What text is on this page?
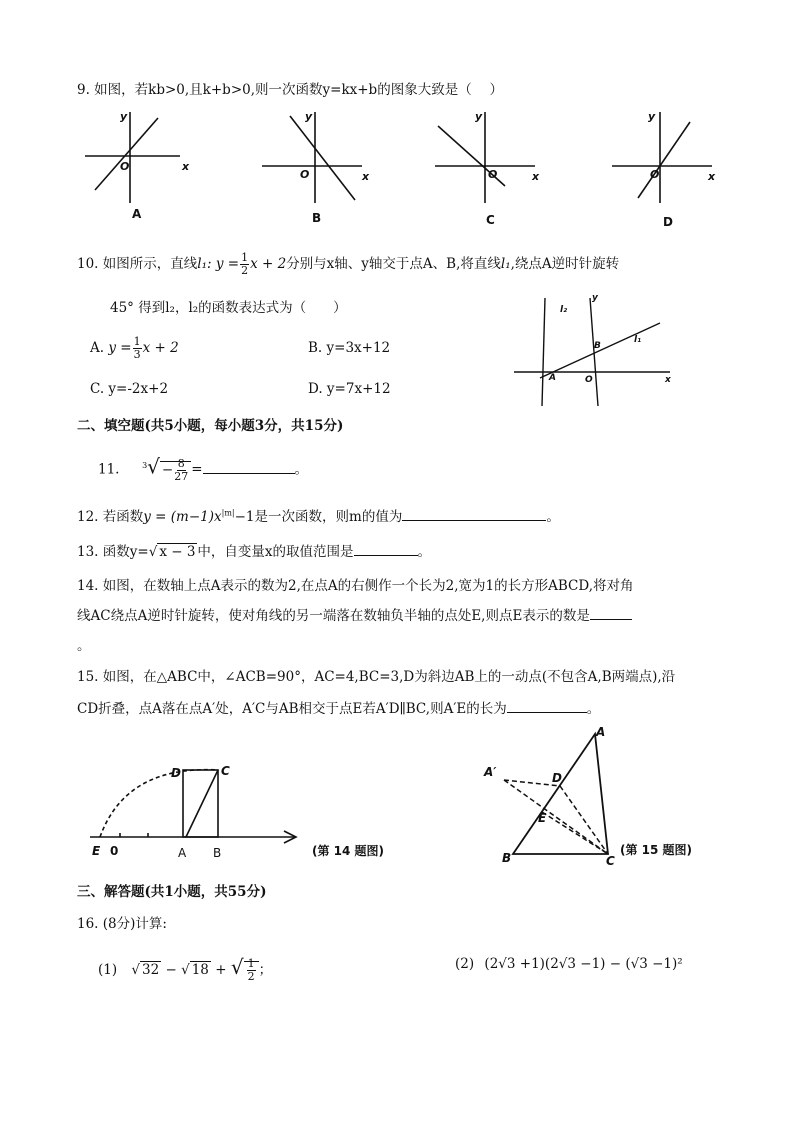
9. 如图，若kb>0,且k+b>0,则一次函数y=kx+b的图象大致是（　 ）
y
x
O
y
x
O
y
x
O
y
x
O
A	B	C	D
10. 如图所示，直线l₁: $y = \frac{1}{2}$ x + 2分别与x轴、y轴交于点A、B,将直线l₁,绕点A逆时针旋转
45° 得到l₂，l₂的函数表达式为（　　）
A. $y = \frac{1}{3}$ x + 2	B. y=3x+12
C. y=-2x+2	D. y=7x+12
l₂
l₁
y
x
B
A	O
二、填空题(共5小题，每小题3分，共15分)
11.	$^3√ - \frac{8}{27}$ =	。
12. 若函数$y = (m-1)x^{|m|}-1$是一次函数，则m的值为	。
13. 函数y=√ x − 3 中，自变量x的取值范围是	。
14. 如图，在数轴上点A表示的数为2,在点A的右侧作一个长为2,宽为1的长方形ABCD,将对角
线AC绕点A逆时针旋转，使对角线的另一端落在数轴负半轴的点处E,则点E表示的数是
。
15. 如图，在△ABC中，∠ACB=90°，AC=4,BC=3,D为斜边AB上的一动点(不包含A,B两端点),沿
CD折叠，点A落在点A′处，A′C与AB相交于点E若A′D∥BC,则A′E的长为	。
D	C
E 0	A B	(第 14 题图)
A
A′	D
E
B	C
(第 15 题图)
三、解答题(共1小题，共55分)
16. (8分)计算:
(1) √ 32 − √ 18 + √ $\frac{1}{2}$ ；	(2) (2√3 +1)(2√3 −1) − (√3 −1)²
